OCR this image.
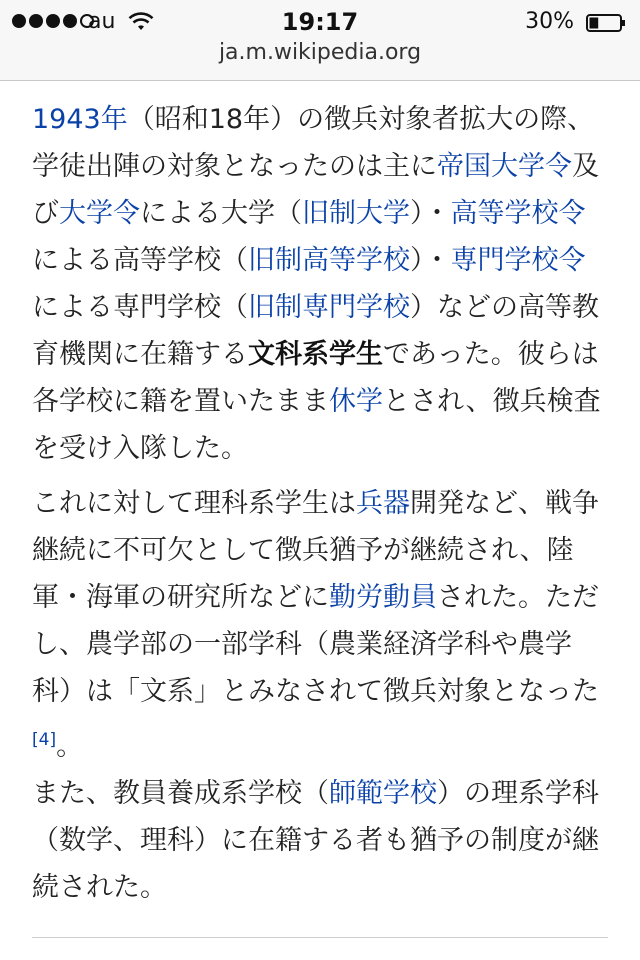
au	19:17	30%
ja.m.wikipedia.org

1943年（昭和18年）の徴兵対象者拡大の際、学徒出陣の対象となったのは主に帝国大学令及び大学令による大学（旧制大学）・高等学校令による高等学校（旧制高等学校）・専門学校令による専門学校（旧制専門学校）などの高等教育機関に在籍する文科系学生であった。彼らは各学校に籍を置いたまま休学とされ、徴兵検査を受け入隊した。

これに対して理科系学生は兵器開発など、戦争継続に不可欠として徴兵猶予が継続され、陸軍・海軍の研究所などに勤労動員された。ただし、農学部の一部学科（農業経済学科や農学科）は「文系」とみなされて徴兵対象となった[4]。

また、教員養成系学校（師範学校）の理系学科（数学、理科）に在籍する者も猶予の制度が継続された。
